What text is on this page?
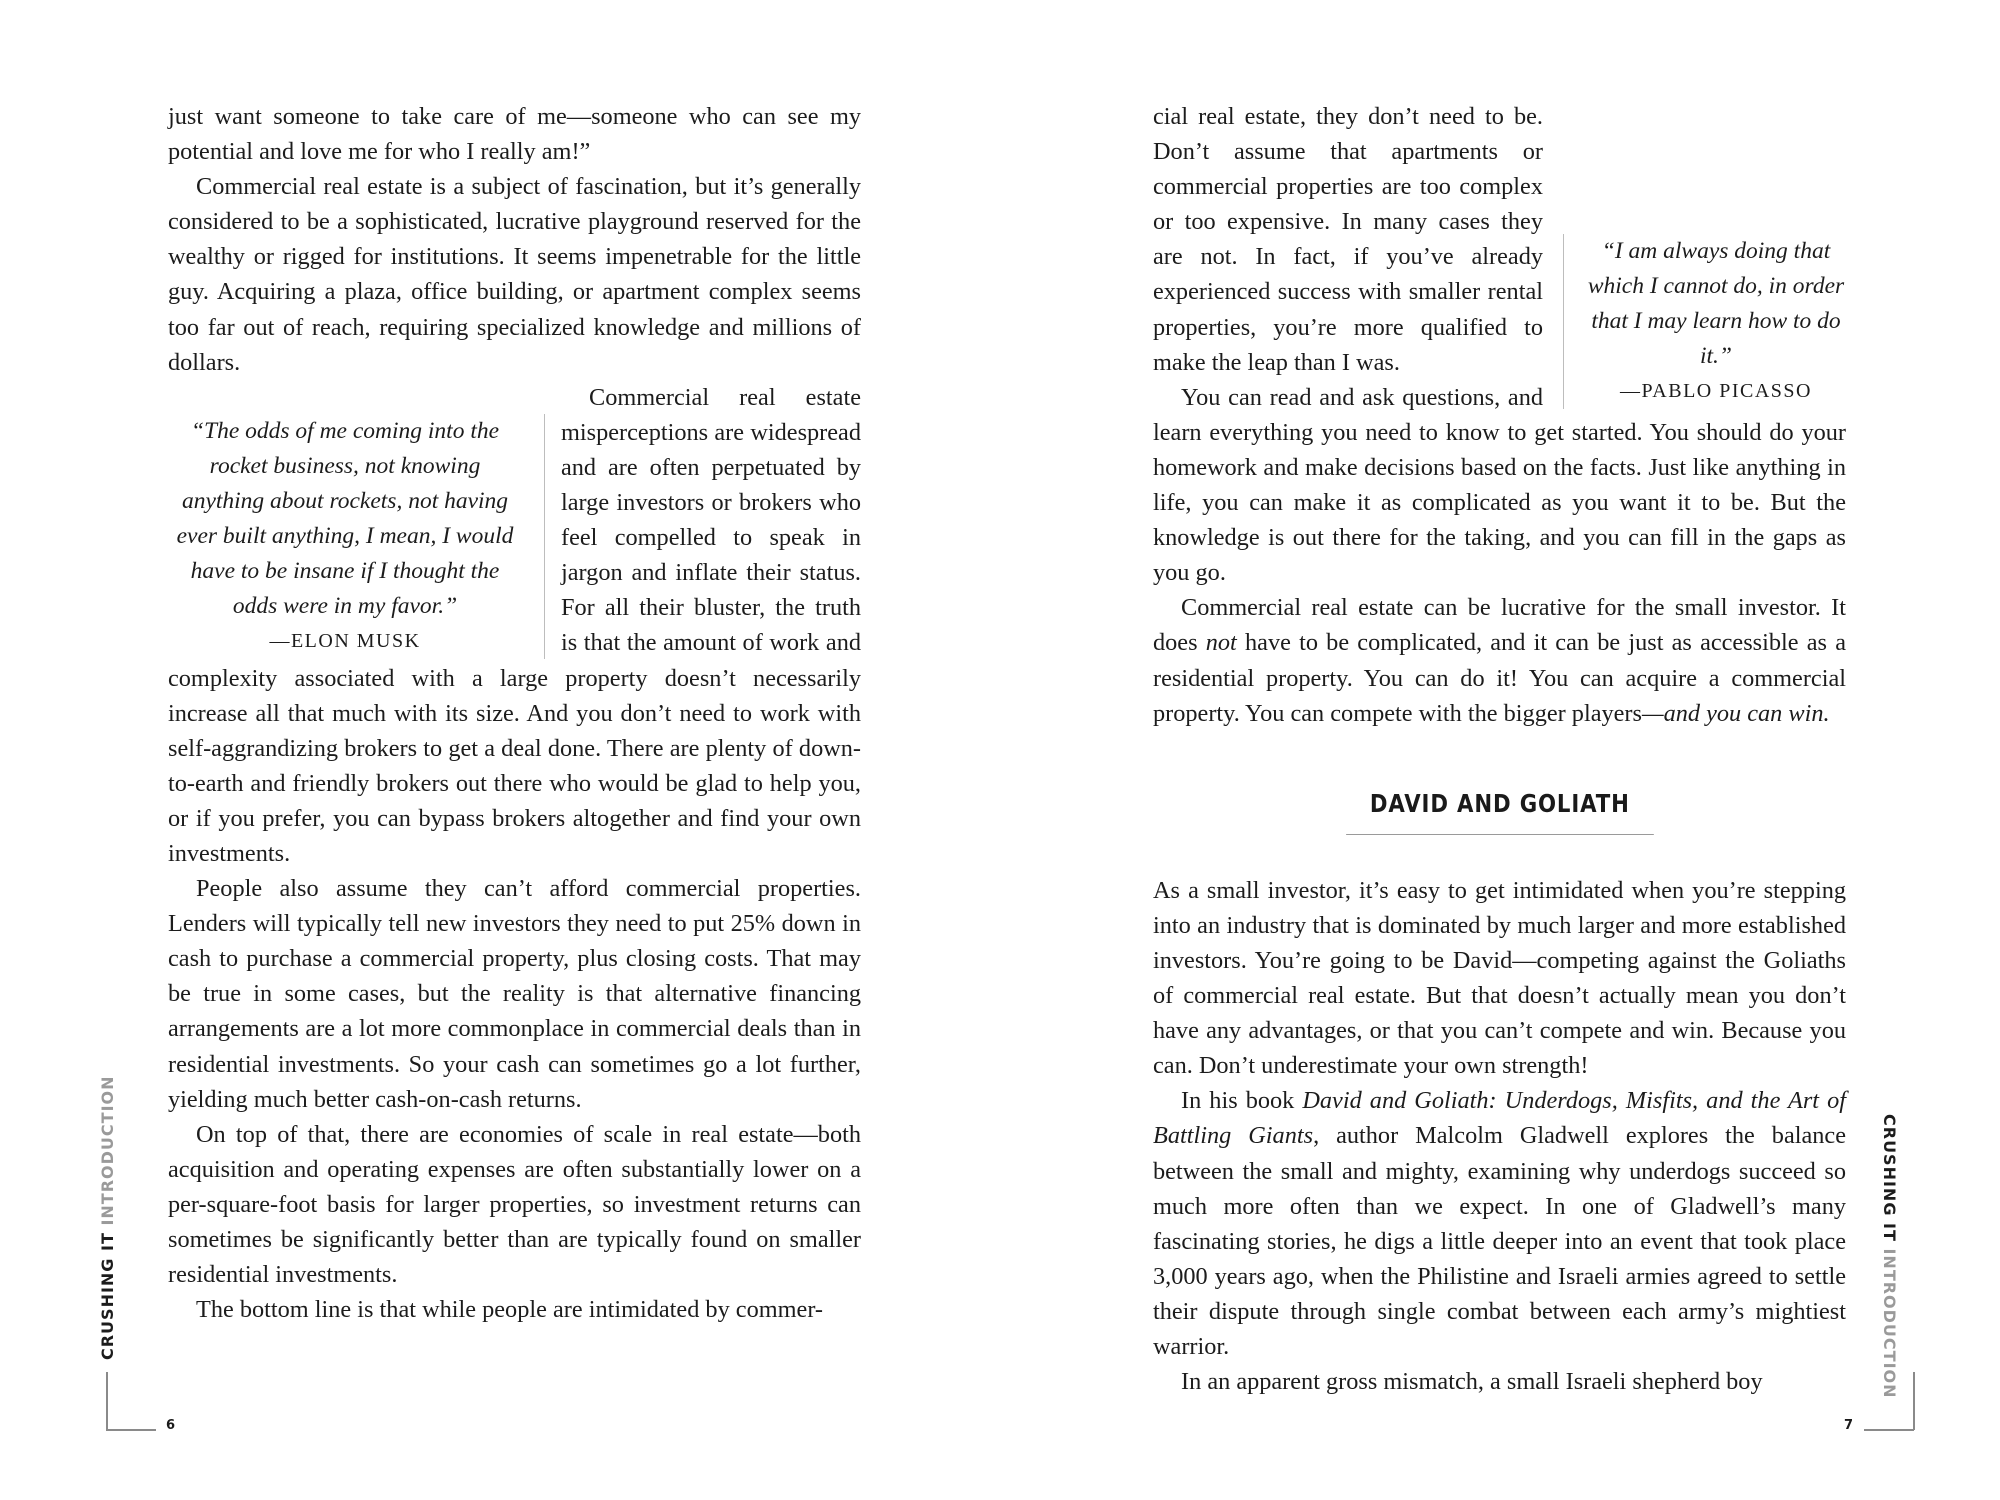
just want someone to take care of me—someone who can see my potential and love me for who I really am!”

Commercial real estate is a subject of fascination, but it’s generally considered to be a sophisticated, lucrative playground reserved for the wealthy or rigged for institutions. It seems impenetrable for the little guy. Acquiring a plaza, office building, or apartment complex seems too far out of reach, requiring specialized knowledge and millions of dollars.

“The odds of me coming into the rocket business, not knowing anything about rockets, not having ever built anything, I mean, I would have to be insane if I thought the odds were in my favor.”
—ELON MUSK

Commercial real estate misperceptions are widespread and are often perpetuated by large investors or brokers who feel compelled to speak in jargon and inflate their status. For all their bluster, the truth is that the amount of work and complexity associated with a large property doesn’t necessarily increase all that much with its size. And you don’t need to work with self-aggrandizing brokers to get a deal done. There are plenty of down-to-earth and friendly brokers out there who would be glad to help you, or if you prefer, you can bypass brokers altogether and find your own investments.

People also assume they can’t afford commercial properties. Lenders will typically tell new investors they need to put 25% down in cash to purchase a commercial property, plus closing costs. That may be true in some cases, but the reality is that alternative financing arrangements are a lot more commonplace in commercial deals than in residential investments. So your cash can sometimes go a lot further, yielding much better cash-on-cash returns.

On top of that, there are economies of scale in real estate—both acquisition and operating expenses are often substantially lower on a per-square-foot basis for larger properties, so investment returns can sometimes be significantly better than are typically found on smaller residential investments.

The bottom line is that while people are intimidated by commer-

CRUSHING IT INTRODUCTION
6
“I am always doing that which I cannot do, in order that I may learn how to do it.”
—PABLO PICASSO

cial real estate, they don’t need to be. Don’t assume that apartments or commercial properties are too complex or too expensive. In many cases they are not. In fact, if you’ve already experienced success with smaller rental properties, you’re more qualified to make the leap than I was.

You can read and ask questions, and learn everything you need to know to get started. You should do your homework and make decisions based on the facts. Just like anything in life, you can make it as complicated as you want it to be. But the knowledge is out there for the taking, and you can fill in the gaps as you go.

Commercial real estate can be lucrative for the small investor. It does not have to be complicated, and it can be just as accessible as a residential property. You can do it! You can acquire a commercial property. You can compete with the bigger players—and you can win.

DAVID AND GOLIATH

As a small investor, it’s easy to get intimidated when you’re stepping into an industry that is dominated by much larger and more established investors. You’re going to be David—competing against the Goliaths of commercial real estate. But that doesn’t actually mean you don’t have any advantages, or that you can’t compete and win. Because you can. Don’t underestimate your own strength!

In his book David and Goliath: Underdogs, Misfits, and the Art of Battling Giants, author Malcolm Gladwell explores the balance between the small and mighty, examining why underdogs succeed so much more often than we expect. In one of Gladwell’s many fascinating stories, he digs a little deeper into an event that took place 3,000 years ago, when the Philistine and Israeli armies agreed to settle their dispute through single combat between each army’s mightiest warrior.

In an apparent gross mismatch, a small Israeli shepherd boy

CRUSHING IT INTRODUCTION
7
